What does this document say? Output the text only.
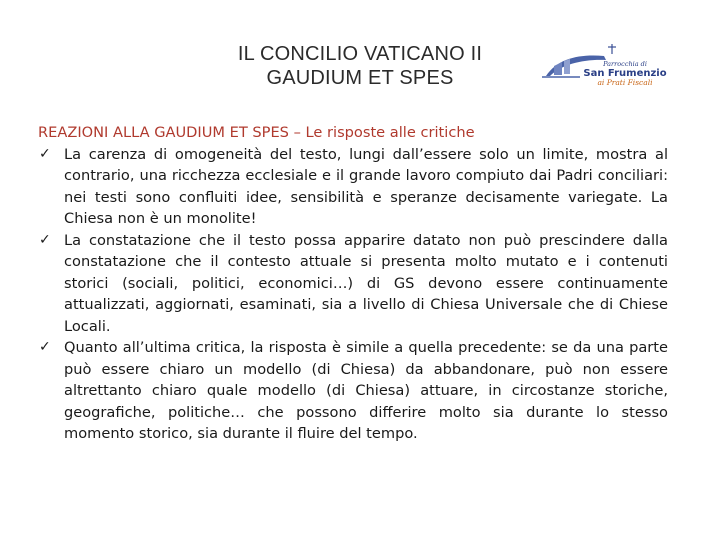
IL CONCILIO VATICANO II
GAUDIUM ET SPES
Parrocchia di
San Frumenzio
ai Prati Fiscali
REAZIONI ALLA GAUDIUM ET SPES – Le risposte alle critiche
✓ La carenza di omogeneità del testo, lungi dall’essere solo un limite, mostra al contrario, una ricchezza ecclesiale e il grande lavoro compiuto dai Padri conciliari: nei testi sono confluiti idee, sensibilità e speranze decisamente variegate. La Chiesa non è un monolite!
✓ La constatazione che il testo possa apparire datato non può prescindere dalla constatazione che il contesto attuale si presenta molto mutato e i contenuti storici (sociali, politici, economici…) di GS devono essere continuamente attualizzati, aggiornati, esaminati, sia a livello di Chiesa Universale che di Chiese Locali.
✓ Quanto all’ultima critica, la risposta è simile a quella precedente: se da una parte può essere chiaro un modello (di Chiesa) da abbandonare, può non essere altrettanto chiaro quale modello (di Chiesa) attuare, in circostanze storiche, geografiche, politiche… che possono differire molto sia durante lo stesso momento storico, sia durante il fluire del tempo.
